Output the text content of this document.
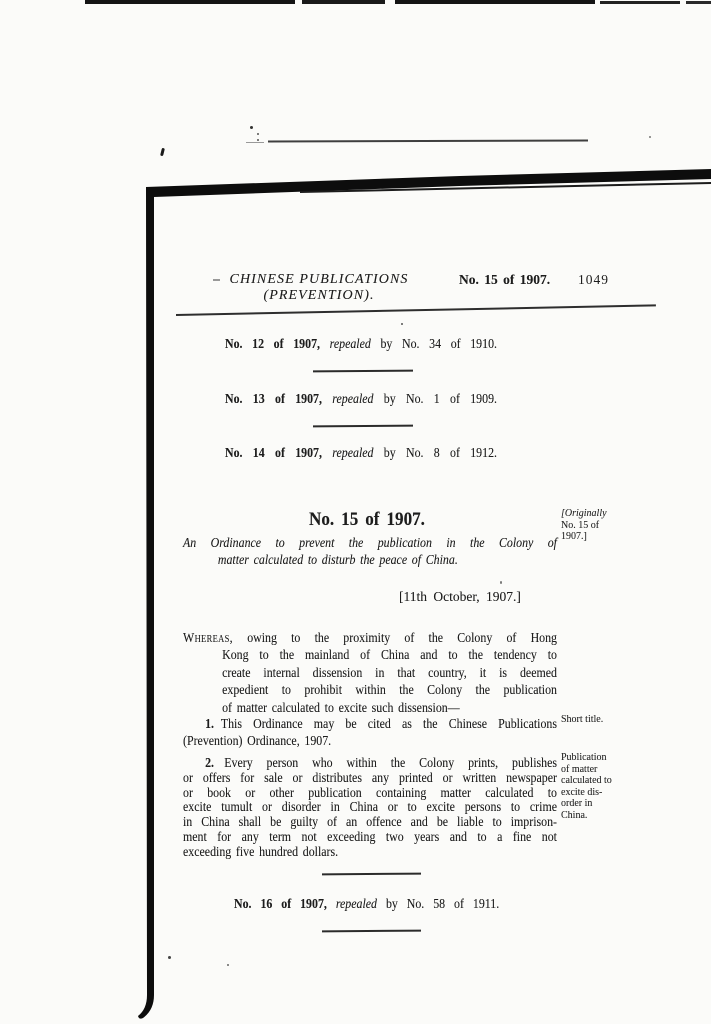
CHINESE PUBLICATIONS
(PREVENTION).
No. 15 of 1907. 1049
No. 12 of 1907, repealed by No. 34 of 1910.
No. 13 of 1907, repealed by No. 1 of 1909.
No. 14 of 1907, repealed by No. 8 of 1912.
No. 15 of 1907.	[Originally
No. 15 of
1907.]
An Ordinance to prevent the publication in the Colony of
matter calculated to disturb the peace of China.
[11th October, 1907.]
Whereas, owing to the proximity of the Colony of Hong
Kong to the mainland of China and to the tendency to
create internal dissension in that country, it is deemed
expedient to prohibit within the Colony the publication
of matter calculated to excite such dissension—
1. This Ordinance may be cited as the Chinese Publications
(Prevention) Ordinance, 1907.
Short title.
2. Every person who within the Colony prints, publishes
or offers for sale or distributes any printed or written newspaper
or book or other publication containing matter calculated to
excite tumult or disorder in China or to excite persons to crime
in China shall be guilty of an offence and be liable to imprison-
ment for any term not exceeding two years and to a fine not
exceeding five hundred dollars.
Publication
of matter
calculated to
excite dis-
order in
China.
No. 16 of 1907, repealed by No. 58 of 1911.
